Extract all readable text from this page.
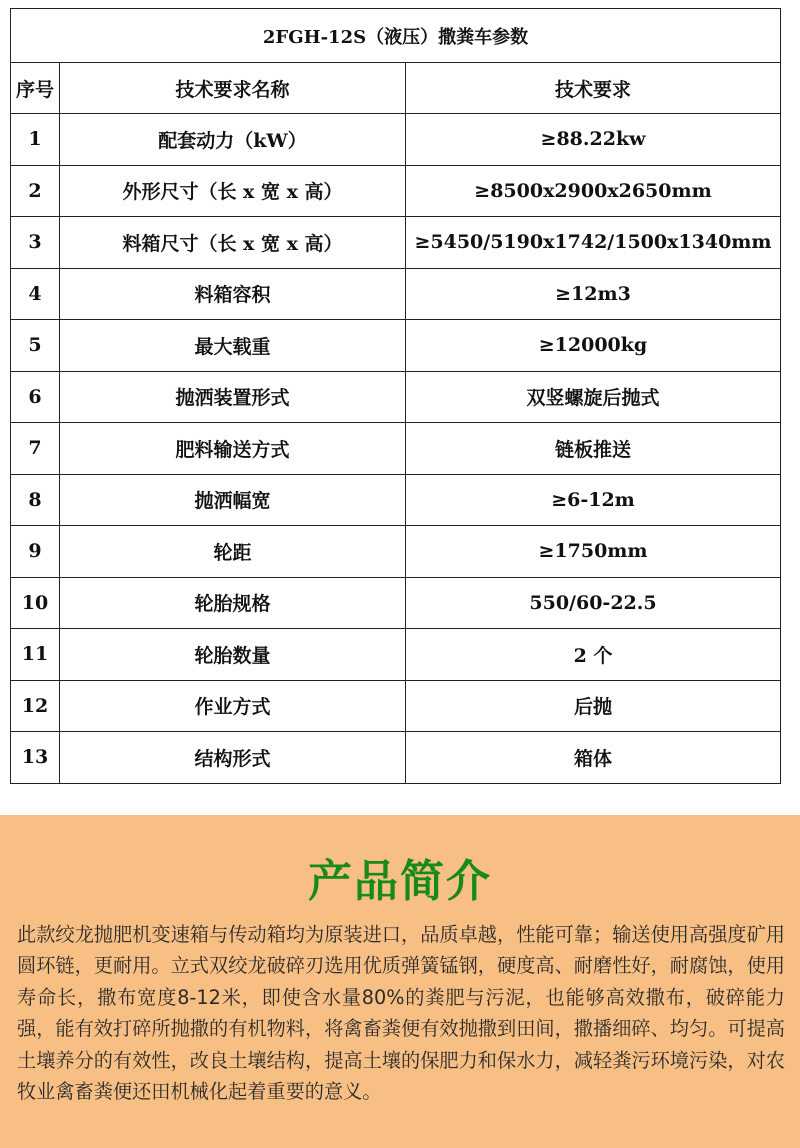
2FGH-12S（液压）撒粪车参数		
序号	技术要求名称	技术要求
1	配套动力（kW）	≥88.22kw
2	外形尺寸（长 x 宽 x 高）	≥8500x2900x2650mm
3	料箱尺寸（长 x 宽 x 高）	≥5450/5190x1742/1500x1340mm
4	料箱容积	≥12m3
5	最大载重	≥12000kg
6	抛洒装置形式	双竖螺旋后抛式
7	肥料输送方式	链板推送
8	抛洒幅宽	≥6-12m
9	轮距	≥1750mm
10	轮胎规格	550/60-22.5
11	轮胎数量	2 个
12	作业方式	后抛
13	结构形式	箱体
产品简介

此款绞龙抛肥机变速箱与传动箱均为原装进口，品质卓越，性能可靠；输送使用高强度矿用圆环链，更耐用。立式双绞龙破碎刃选用优质弹簧锰钢，硬度高、耐磨性好，耐腐蚀，使用寿命长，撒布宽度8-12米，即使含水量80%的粪肥与污泥，也能够高效撒布，破碎能力强，能有效打碎所抛撒的有机物料，将禽畜粪便有效抛撒到田间，撒播细碎、均匀。可提高土壤养分的有效性，改良土壤结构，提高土壤的保肥力和保水力，减轻粪污环境污染，对农牧业禽畜粪便还田机械化起着重要的意义。
